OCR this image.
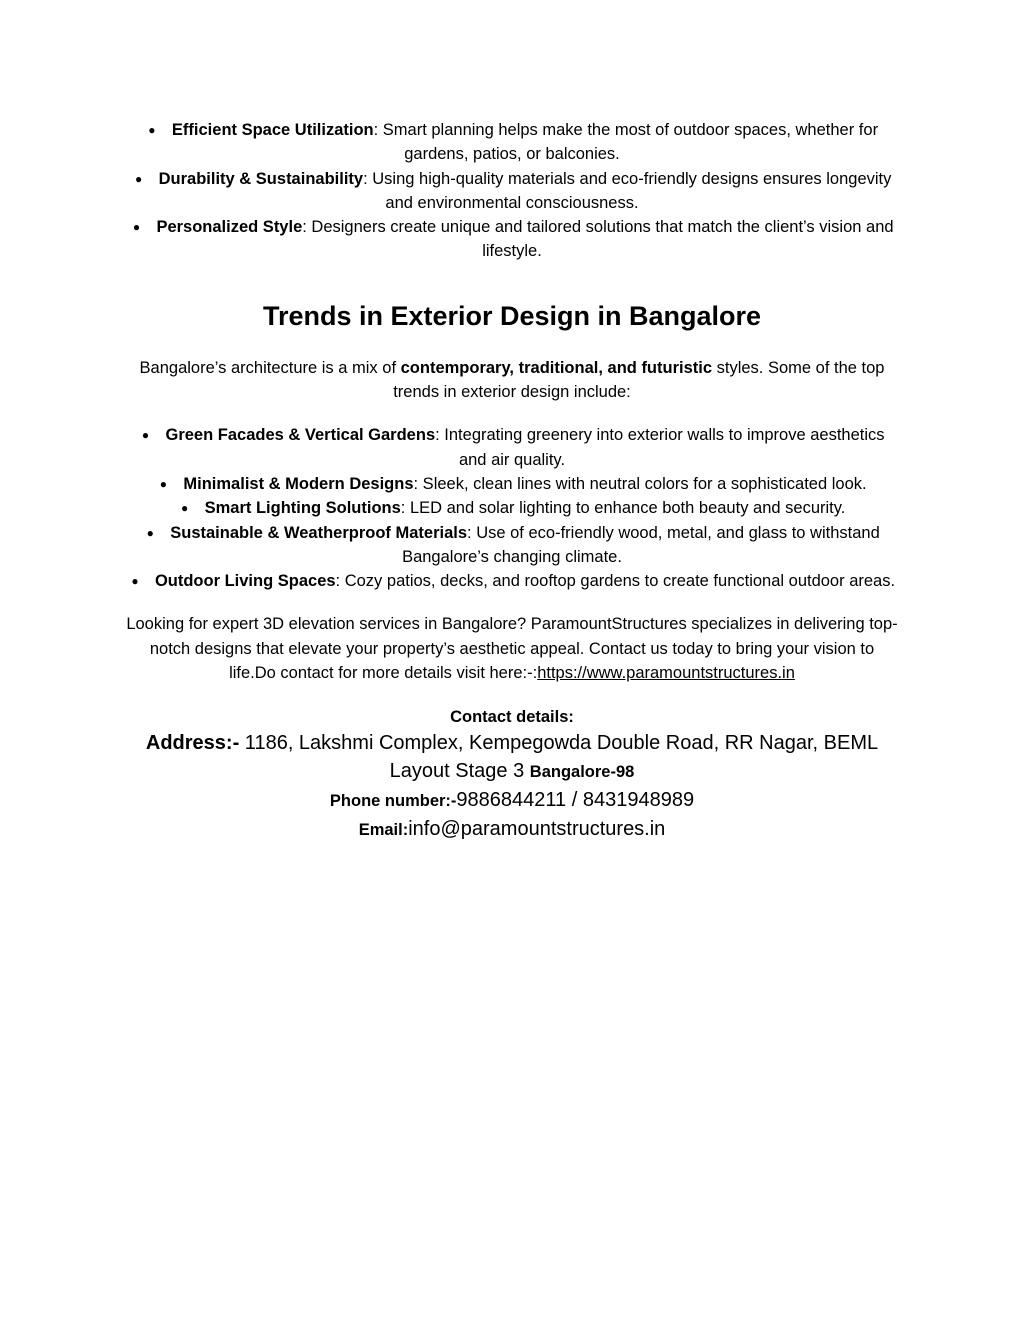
● Efficient Space Utilization: Smart planning helps make the most of outdoor spaces, whether for gardens, patios, or balconies.
● Durability & Sustainability: Using high-quality materials and eco-friendly designs ensures longevity and environmental consciousness.
● Personalized Style: Designers create unique and tailored solutions that match the client’s vision and lifestyle.
Trends in Exterior Design in Bangalore

Bangalore’s architecture is a mix of contemporary, traditional, and futuristic styles. Some of the top trends in exterior design include:

● Green Facades & Vertical Gardens: Integrating greenery into exterior walls to improve aesthetics and air quality.
● Minimalist & Modern Designs: Sleek, clean lines with neutral colors for a sophisticated look.
● Smart Lighting Solutions: LED and solar lighting to enhance both beauty and security.
● Sustainable & Weatherproof Materials: Use of eco-friendly wood, metal, and glass to withstand Bangalore’s changing climate.
● Outdoor Living Spaces: Cozy patios, decks, and rooftop gardens to create functional outdoor areas.

Looking for expert 3D elevation services in Bangalore? ParamountStructures specializes in delivering top-notch designs that elevate your property’s aesthetic appeal. Contact us today to bring your vision to life.Do contact for more details visit here:-:https://www.paramountstructures.in

Contact details:

Address:- 1186, Lakshmi Complex, Kempegowda Double Road, RR Nagar, BEML Layout Stage 3 Bangalore-98

Phone number:-9886844211 / 8431948989

Email:info@paramountstructures.in
